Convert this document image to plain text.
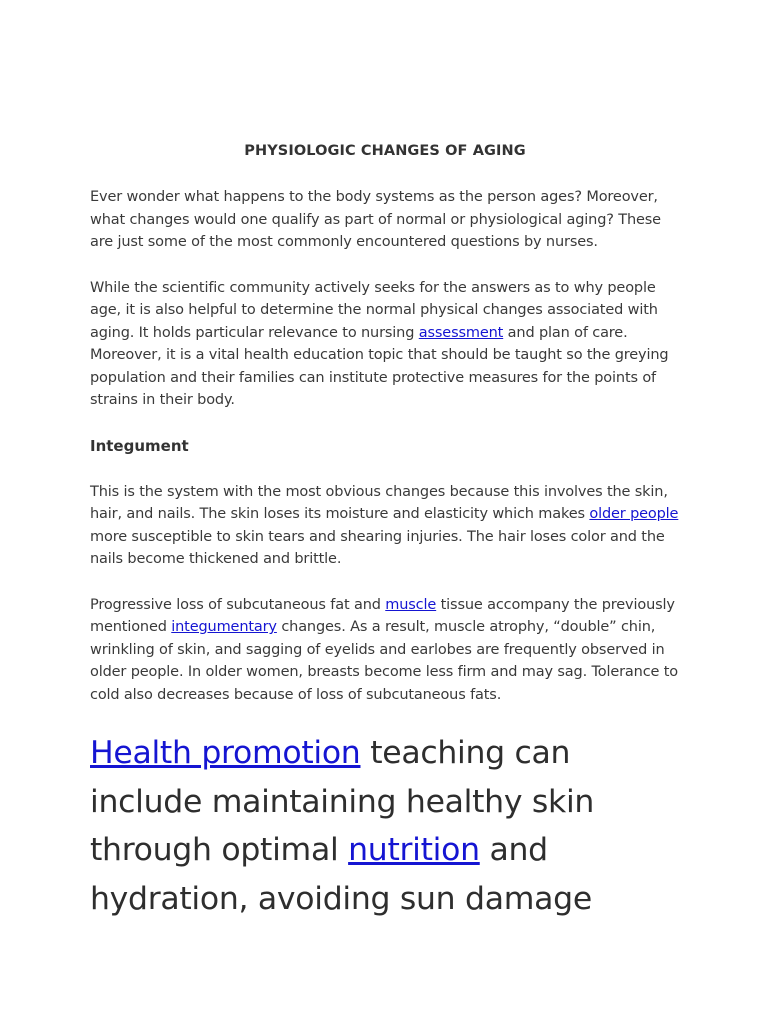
PHYSIOLOGIC CHANGES OF AGING

Ever wonder what happens to the body systems as the person ages? Moreover, what changes would one qualify as part of normal or physiological aging? These are just some of the most commonly encountered questions by nurses.

While the scientific community actively seeks for the answers as to why people age, it is also helpful to determine the normal physical changes associated with aging. It holds particular relevance to nursing assessment and plan of care. Moreover, it is a vital health education topic that should be taught so the greying population and their families can institute protective measures for the points of strains in their body.

Integument

This is the system with the most obvious changes because this involves the skin, hair, and nails. The skin loses its moisture and elasticity which makes older people more susceptible to skin tears and shearing injuries. The hair loses color and the nails become thickened and brittle.

Progressive loss of subcutaneous fat and muscle tissue accompany the previously mentioned integumentary changes. As a result, muscle atrophy, “double” chin, wrinkling of skin, and sagging of eyelids and earlobes are frequently observed in older people. In older women, breasts become less firm and may sag. Tolerance to cold also decreases because of loss of subcutaneous fats.

Health promotion teaching can include maintaining healthy skin through optimal nutrition and hydration, avoiding sun damage
